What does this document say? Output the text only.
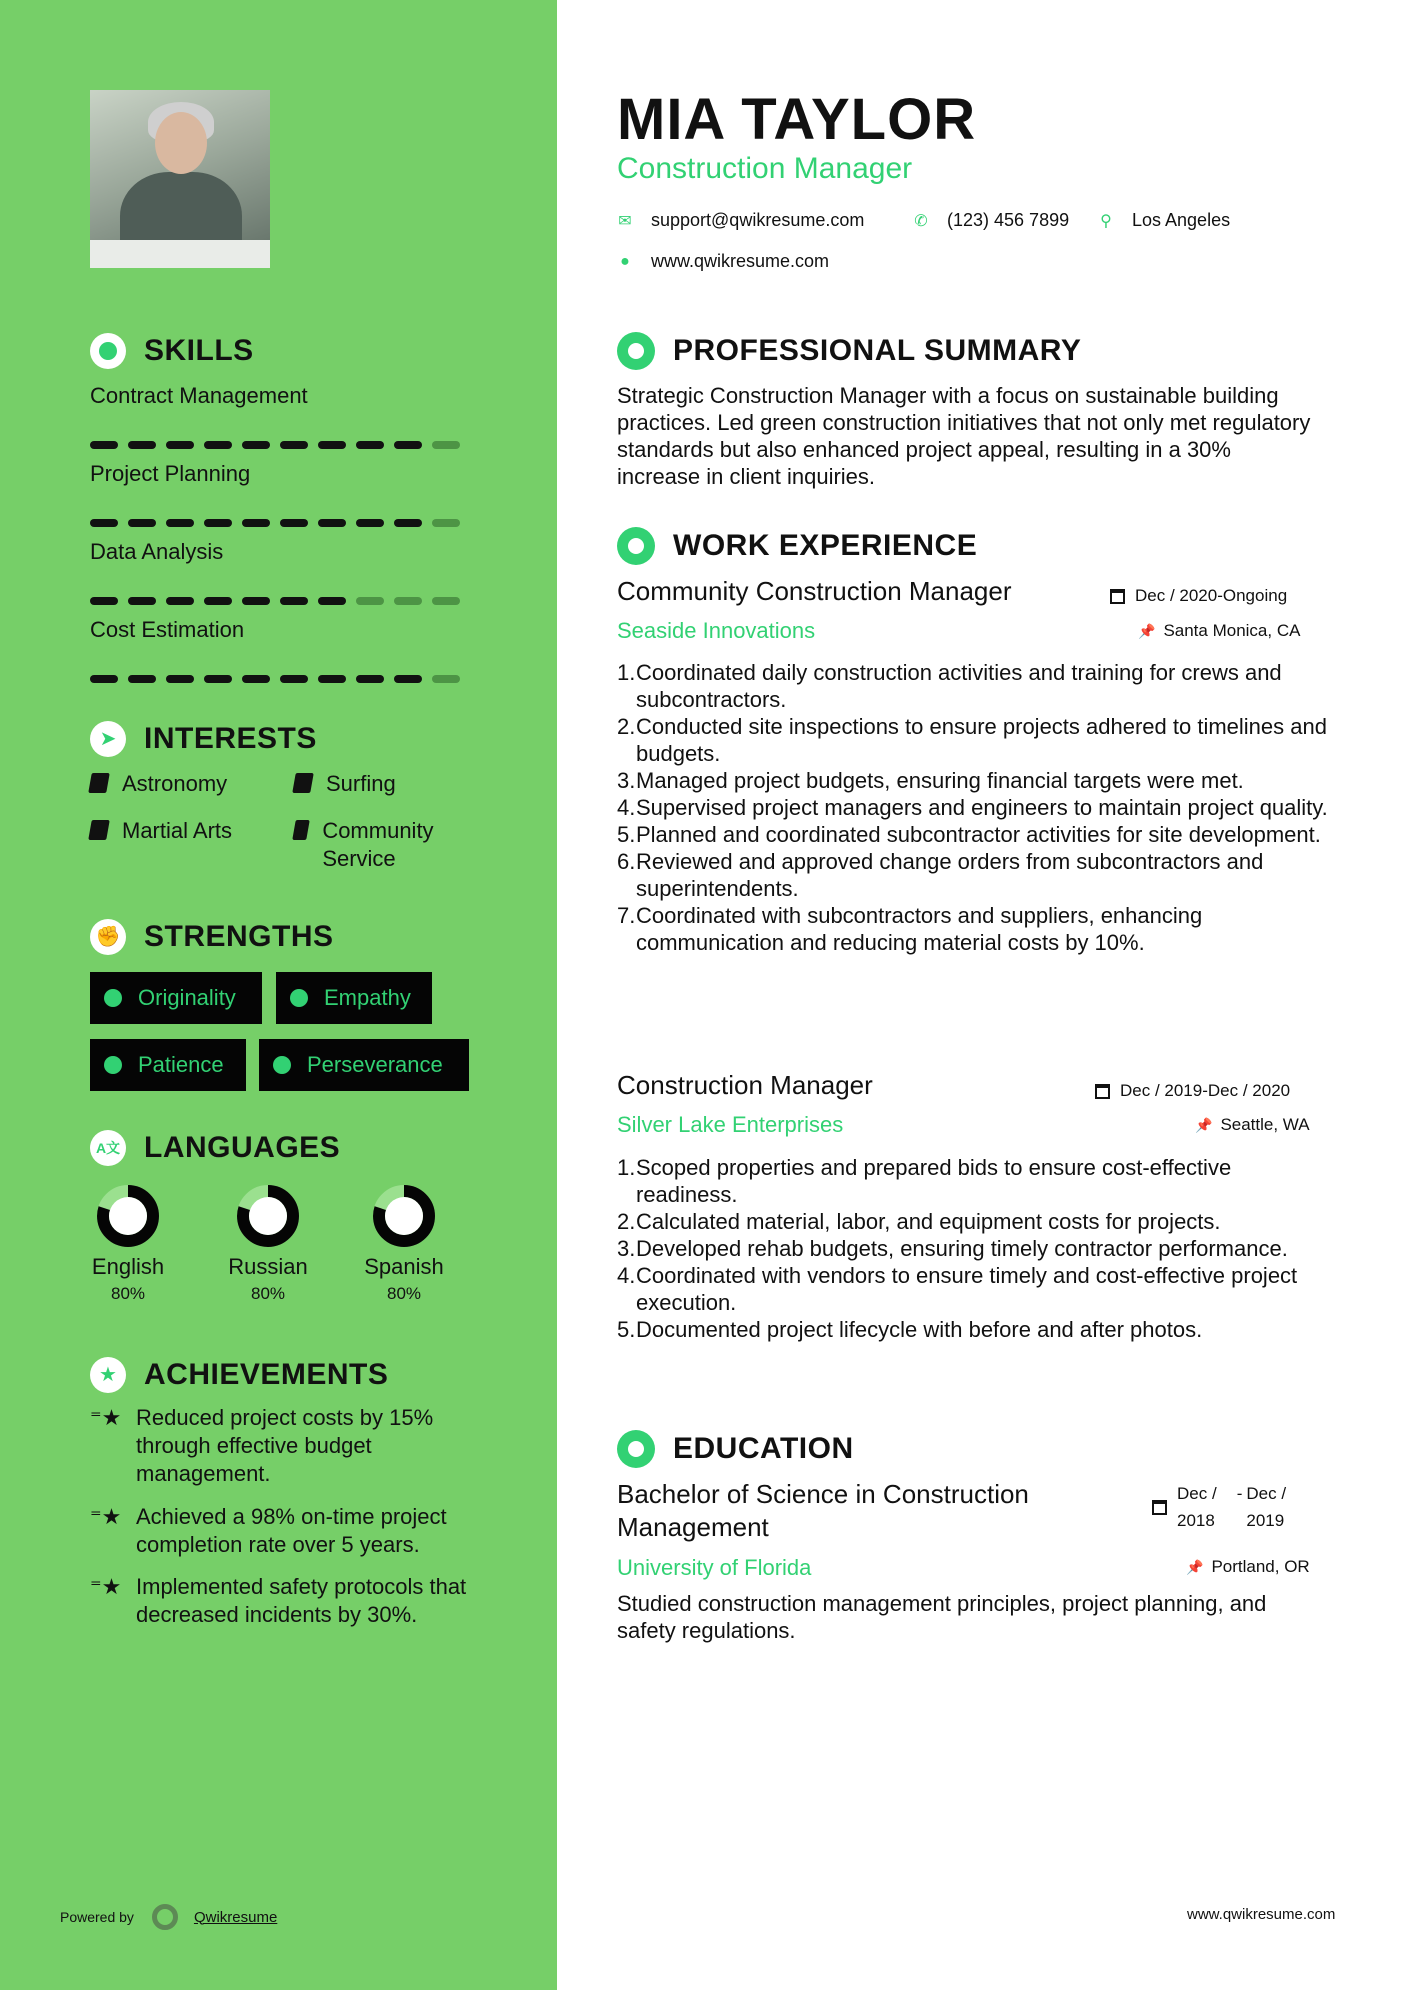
SKILLS
Contract Management
Project Planning
Data Analysis
Cost Estimation
➤ INTERESTS
Astronomy	Surfing
Martial Arts	Community Service
✊ STRENGTHS
Originality	Empathy
Patience	Perseverance
A文 LANGUAGES
English
80%
Russian
80%
Spanish
80%
★ ACHIEVEMENTS
⁼★ Reduced project costs by 15% through effective budget management.
⁼★ Achieved a 98% on-time project completion rate over 5 years.
⁼★ Implemented safety protocols that decreased incidents by 30%.
Powered by	Qwikresume
MIA TAYLOR
Construction Manager
✉ support@qwikresume.com	✆ (123) 456 7899 ⚲ Los Angeles
● www.qwikresume.com
PROFESSIONAL SUMMARY
Strategic Construction Manager with a focus on sustainable building practices. Led green construction initiatives that not only met regulatory standards but also enhanced project appeal, resulting in a 30% increase in client inquiries.
WORK EXPERIENCE
Community Construction Manager	Dec / 2020-Ongoing
Seaside Innovations	📌 Santa Monica, CA
1. Coordinated daily construction activities and training for crews and subcontractors.
2. Conducted site inspections to ensure projects adhered to timelines and budgets.
3. Managed project budgets, ensuring financial targets were met.
4. Supervised project managers and engineers to maintain project quality.
5. Planned and coordinated subcontractor activities for site development.
6. Reviewed and approved change orders from subcontractors and superintendents.
7. Coordinated with subcontractors and suppliers, enhancing communication and reducing material costs by 10%.
Construction Manager	Dec / 2019-Dec / 2020
Silver Lake Enterprises	📌 Seattle, WA
1. Scoped properties and prepared bids to ensure cost-effective readiness.
2. Calculated material, labor, and equipment costs for projects.
3. Developed rehab budgets, ensuring timely contractor performance.
4. Coordinated with vendors to ensure timely and cost-effective project execution.
5. Documented project lifecycle with before and after photos.
EDUCATION
Bachelor of Science in Construction
Management
Dec /
2018
- Dec /
2019
University of Florida	📌 Portland, OR
Studied construction management principles, project planning, and safety regulations.
www.qwikresume.com
